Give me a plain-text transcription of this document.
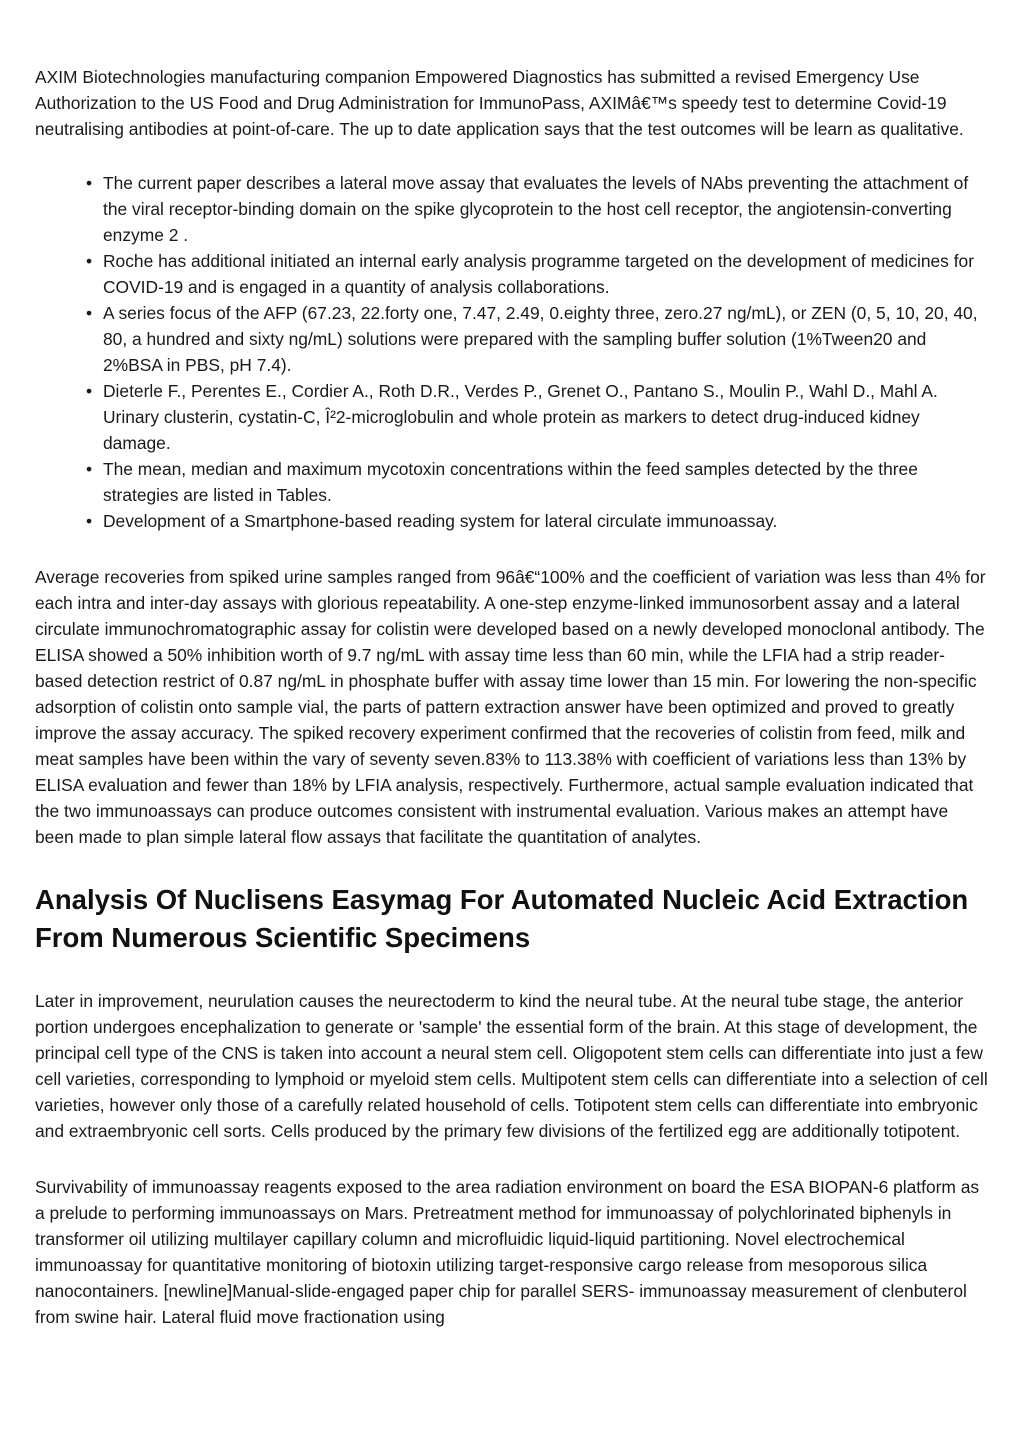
AXIM Biotechnologies manufacturing companion Empowered Diagnostics has submitted a revised Emergency Use Authorization to the US Food and Drug Administration for ImmunoPass, AXIMâ€™s speedy test to determine Covid-19 neutralising antibodies at point-of-care. The up to date application says that the test outcomes will be learn as qualitative.

• The current paper describes a lateral move assay that evaluates the levels of NAbs preventing the attachment of the viral receptor-binding domain on the spike glycoprotein to the host cell receptor, the angiotensin-converting enzyme 2 .
• Roche has additional initiated an internal early analysis programme targeted on the development of medicines for COVID-19 and is engaged in a quantity of analysis collaborations.
• A series focus of the AFP (67.23, 22.forty one, 7.47, 2.49, 0.eighty three, zero.27 ng/mL), or ZEN (0, 5, 10, 20, 40, 80, a hundred and sixty ng/mL) solutions were prepared with the sampling buffer solution (1%Tween20 and 2%BSA in PBS, pH 7.4).
• Dieterle F., Perentes E., Cordier A., Roth D.R., Verdes P., Grenet O., Pantano S., Moulin P., Wahl D., Mahl A. Urinary clusterin, cystatin-C, Î²2-microglobulin and whole protein as markers to detect drug-induced kidney damage.
• The mean, median and maximum mycotoxin concentrations within the feed samples detected by the three strategies are listed in Tables.
• Development of a Smartphone-based reading system for lateral circulate immunoassay.

Average recoveries from spiked urine samples ranged from 96â€“100% and the coefficient of variation was less than 4% for each intra and inter-day assays with glorious repeatability. A one-step enzyme-linked immunosorbent assay and a lateral circulate immunochromatographic assay for colistin were developed based on a newly developed monoclonal antibody. The ELISA showed a 50% inhibition worth of 9.7 ng/mL with assay time less than 60 min, while the LFIA had a strip reader-based detection restrict of 0.87 ng/mL in phosphate buffer with assay time lower than 15 min. For lowering the non-specific adsorption of colistin onto sample vial, the parts of pattern extraction answer have been optimized and proved to greatly improve the assay accuracy. The spiked recovery experiment confirmed that the recoveries of colistin from feed, milk and meat samples have been within the vary of seventy seven.83% to 113.38% with coefficient of variations less than 13% by ELISA evaluation and fewer than 18% by LFIA analysis, respectively. Furthermore, actual sample evaluation indicated that the two immunoassays can produce outcomes consistent with instrumental evaluation. Various makes an attempt have been made to plan simple lateral flow assays that facilitate the quantitation of analytes.

Analysis Of Nuclisens Easymag For Automated Nucleic Acid Extraction From Numerous Scientific Specimens

Later in improvement, neurulation causes the neurectoderm to kind the neural tube. At the neural tube stage, the anterior portion undergoes encephalization to generate or 'sample' the essential form of the brain. At this stage of development, the principal cell type of the CNS is taken into account a neural stem cell. Oligopotent stem cells can differentiate into just a few cell varieties, corresponding to lymphoid or myeloid stem cells. Multipotent stem cells can differentiate into a selection of cell varieties, however only those of a carefully related household of cells. Totipotent stem cells can differentiate into embryonic and extraembryonic cell sorts. Cells produced by the primary few divisions of the fertilized egg are additionally totipotent.

Survivability of immunoassay reagents exposed to the area radiation environment on board the ESA BIOPAN-6 platform as a prelude to performing immunoassays on Mars. Pretreatment method for immunoassay of polychlorinated biphenyls in transformer oil utilizing multilayer capillary column and microfluidic liquid-liquid partitioning. Novel electrochemical immunoassay for quantitative monitoring of biotoxin utilizing target-responsive cargo release from mesoporous silica nanocontainers. [newline]Manual-slide-engaged paper chip for parallel SERS- immunoassay measurement of clenbuterol from swine hair. Lateral fluid move fractionation using
